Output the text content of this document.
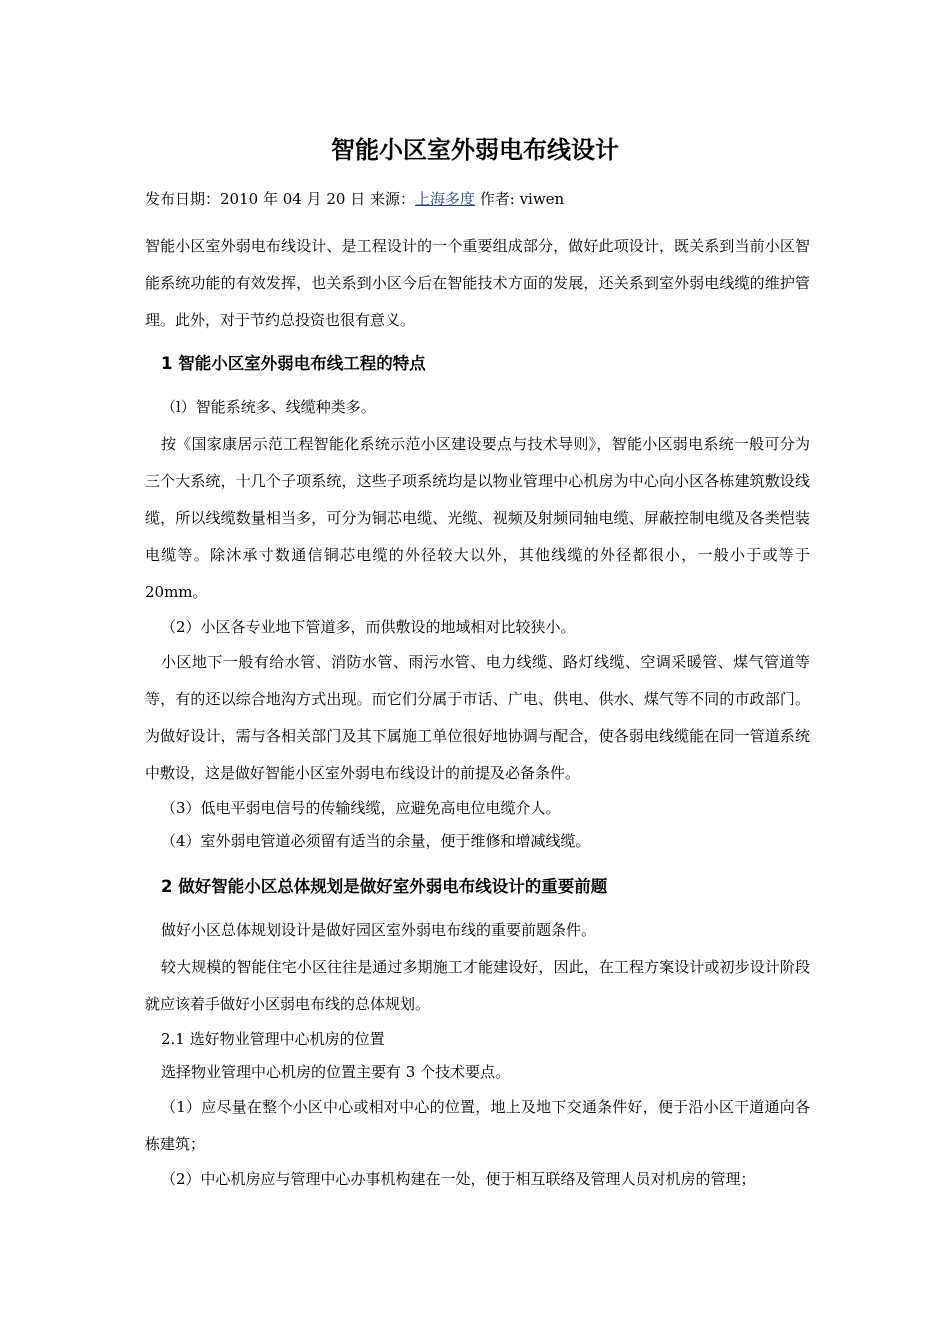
智能小区室外弱电布线设计
发布日期：2010 年 04 月 20 日 来源：上海多度 作者: viwen

智能小区室外弱电布线设计、是工程设计的一个重要组成部分，做好此项设计，既关系到当前小区智能系统功能的有效发挥，也关系到小区今后在智能技术方面的发展，还关系到室外弱电线缆的维护管理。此外，对于节约总投资也很有意义。

1 智能小区室外弱电布线工程的特点

（l）智能系统多、线缆种类多。

按《国家康居示范工程智能化系统示范小区建设要点与技术导则》，智能小区弱电系统一般可分为三个大系统，十几个子项系统，这些子项系统均是以物业管理中心机房为中心向小区各栋建筑敷设线缆，所以线缆数量相当多，可分为铜芯电缆、光缆、视频及射频同轴电缆、屏蔽控制电缆及各类恺装电缆等。除沐承寸数通信铜芯电缆的外径较大以外，其他线缆的外径都很小，一般小于或等于 20mm。

（2）小区各专业地下管道多，而供敷设的地域相对比较狭小。

小区地下一般有给水管、消防水管、雨污水管、电力线缆、路灯线缆、空调采暖管、煤气管道等等，有的还以综合地沟方式出现。而它们分属于市话、广电、供电、供水、煤气等不同的市政部门。为做好设计，需与各相关部门及其下属施工单位很好地协调与配合，使各弱电线缆能在同一管道系统中敷设，这是做好智能小区室外弱电布线设计的前提及必备条件。

（3）低电平弱电信号的传输线缆，应避免高电位电缆介人。

（4）室外弱电管道必须留有适当的余量，便于维修和增减线缆。

2 做好智能小区总体规划是做好室外弱电布线设计的重要前题

做好小区总体规划设计是做好园区室外弱电布线的重要前题条件。

较大规模的智能住宅小区往往是通过多期施工才能建设好，因此，在工程方案设计或初步设计阶段就应该着手做好小区弱电布线的总体规划。

2.1 选好物业管理中心机房的位置

选择物业管理中心机房的位置主要有 3 个技术要点。

（1）应尽量在整个小区中心或相对中心的位置，地上及地下交通条件好，便于沿小区干道通向各栋建筑；

（2）中心机房应与管理中心办事机构建在一处，便于相互联络及管理人员对机房的管理；
